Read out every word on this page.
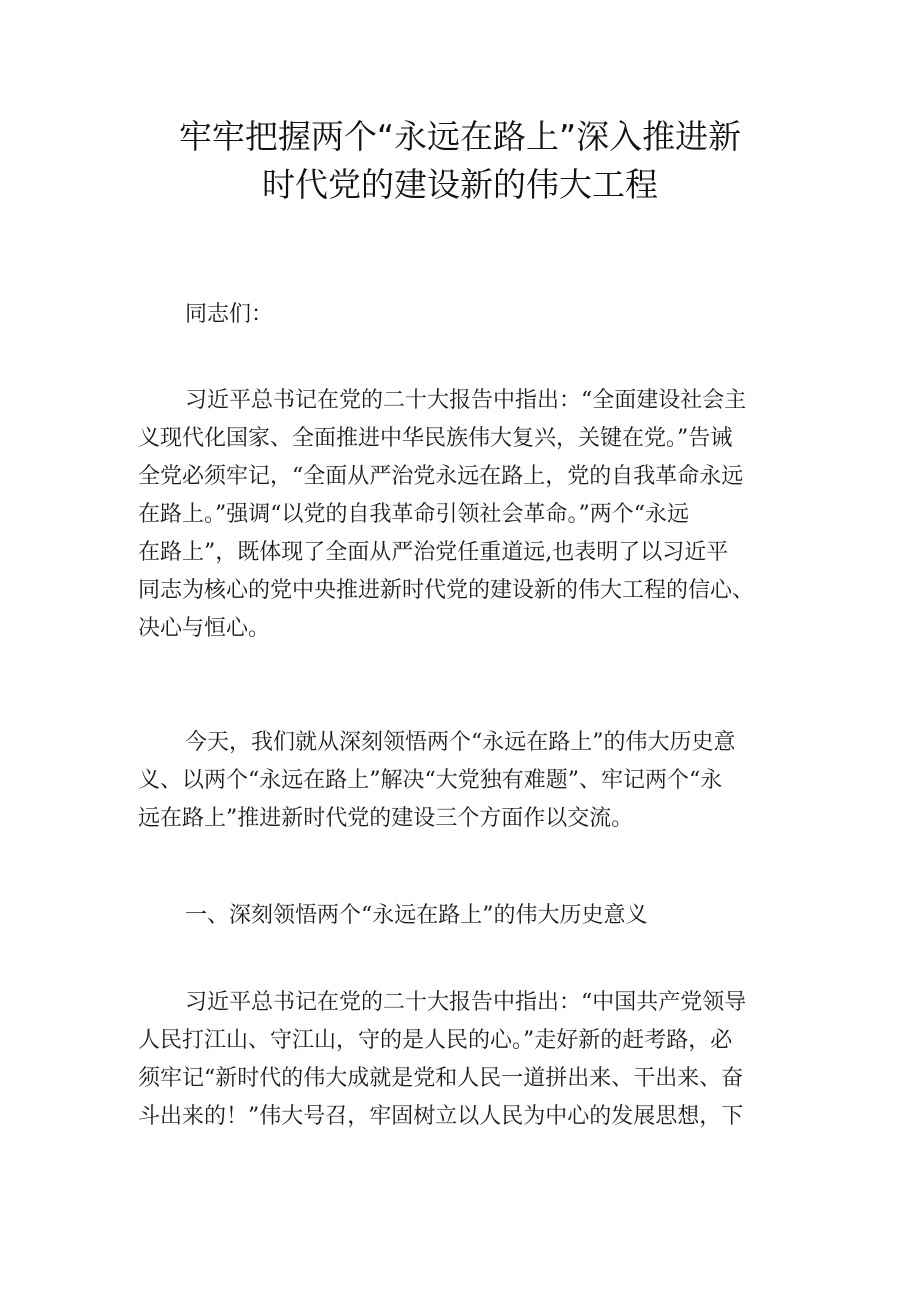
牢牢把握两个“永远在路上”深入推进新
时代党的建设新的伟大工程
同志们：
习近平总书记在党的二十大报告中指出：“全面建设社会主
义现代化国家、全面推进中华民族伟大复兴，关键在党。”告诫
全党必须牢记，“全面从严治党永远在路上，党的自我革命永远
在路上。”强调“以党的自我革命引领社会革命。”两个“永远
在路上”，既体现了全面从严治党任重道远,也表明了以习近平
同志为核心的党中央推进新时代党的建设新的伟大工程的信心、
决心与恒心。
今天，我们就从深刻领悟两个“永远在路上”的伟大历史意
义、以两个“永远在路上”解决“大党独有难题”、牢记两个“永
远在路上”推进新时代党的建设三个方面作以交流。
一、深刻领悟两个“永远在路上”的伟大历史意义
习近平总书记在党的二十大报告中指出：“中国共产党领导
人民打江山、守江山，守的是人民的心。”走好新的赶考路，必
须牢记“新时代的伟大成就是党和人民一道拼出来、干出来、奋
斗出来的！”伟大号召，牢固树立以人民为中心的发展思想，下
